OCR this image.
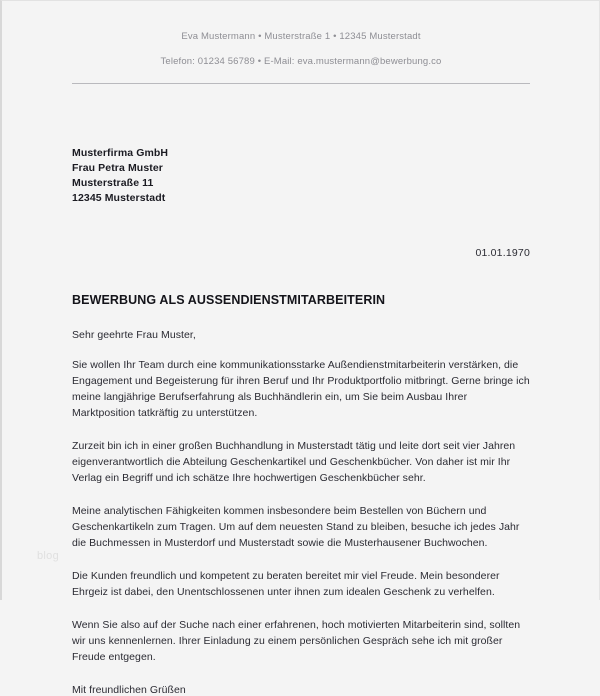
blog
Eva Mustermann • Musterstraße 1 • 12345 Musterstadt
Telefon: 01234 56789 • E-Mail: eva.mustermann@bewerbung.co
Musterfirma GmbH
Frau Petra Muster
Musterstraße 11
12345 Musterstadt
01.01.1970
BEWERBUNG ALS AUSSENDIENSTMITARBEITERIN
Sehr geehrte Frau Muster,
Sie wollen Ihr Team durch eine kommunikationsstarke Außendienstmitarbeiterin verstärken, die Engagement und Begeisterung für ihren Beruf und Ihr Produktportfolio mitbringt. Gerne bringe ich meine langjährige Berufserfahrung als Buchhändlerin ein, um Sie beim Ausbau Ihrer Marktposition tatkräftig zu unterstützen.
Zurzeit bin ich in einer großen Buchhandlung in Musterstadt tätig und leite dort seit vier Jahren eigenverantwortlich die Abteilung Geschenkartikel und Geschenkbücher. Von daher ist mir Ihr Verlag ein Begriff und ich schätze Ihre hochwertigen Geschenkbücher sehr.
Meine analytischen Fähigkeiten kommen insbesondere beim Bestellen von Büchern und Geschenkartikeln zum Tragen. Um auf dem neuesten Stand zu bleiben, besuche ich jedes Jahr die Buchmessen in Musterdorf und Musterstadt sowie die Musterhausener Buchwochen.
Die Kunden freundlich und kompetent zu beraten bereitet mir viel Freude. Mein besonderer Ehrgeiz ist dabei, den Unentschlossenen unter ihnen zum idealen Geschenk zu verhelfen.
Wenn Sie also auf der Suche nach einer erfahrenen, hoch motivierten Mitarbeiterin sind, sollten wir uns kennenlernen. Ihrer Einladung zu einem persönlichen Gespräch sehe ich mit großer Freude entgegen.
Mit freundlichen Grüßen
